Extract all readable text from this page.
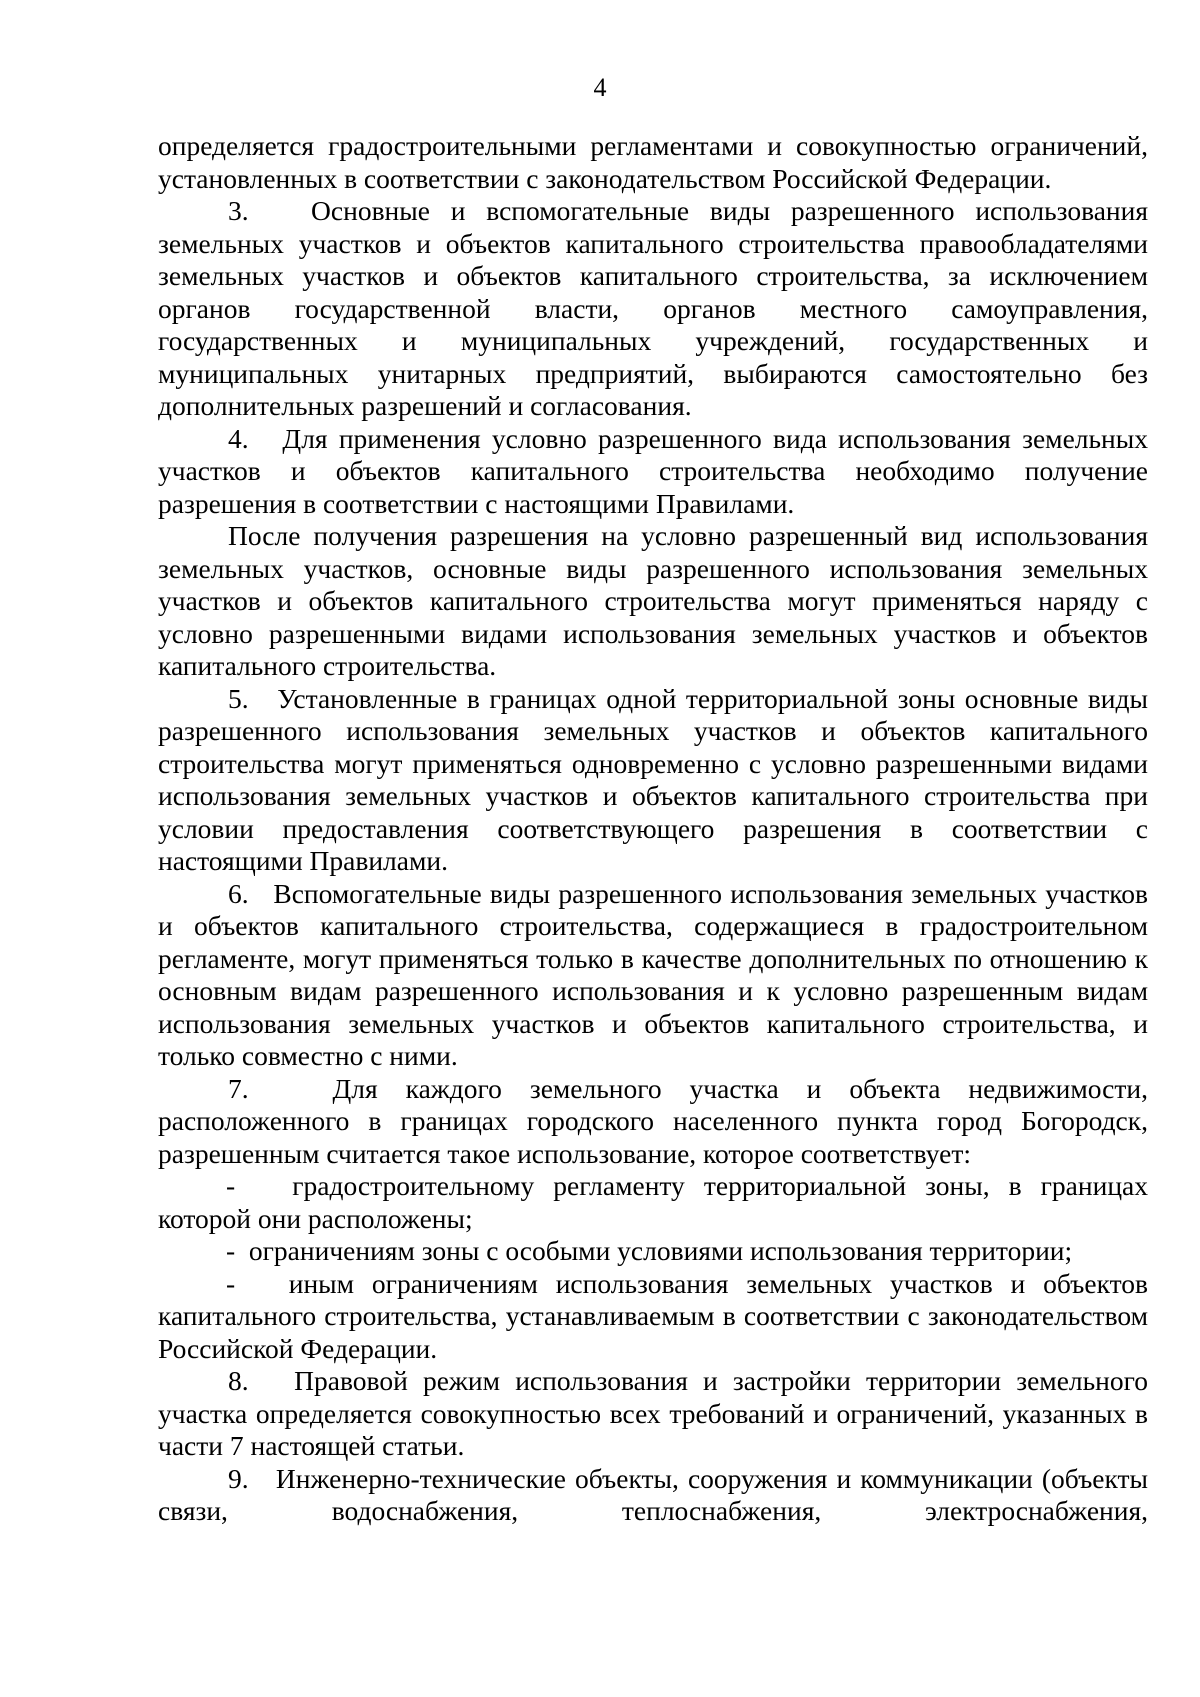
4

определяется градостроительными регламентами и совокупностью ограничений, установленных в соответствии с законодательством Российской Федерации.

3.   Основные и вспомогательные виды разрешенного использования земельных участков и объектов капитального строительства правообладателями земельных участков и объектов капитального строительства, за исключением органов государственной власти, органов местного самоуправления, государственных и муниципальных учреждений, государственных и муниципальных унитарных предприятий, выбираются самостоятельно без дополнительных разрешений и согласования.

4.   Для применения условно разрешенного вида использования земельных участков и объектов капитального строительства необходимо получение разрешения в соответствии с настоящими Правилами.

После получения разрешения на условно разрешенный вид использования земельных участков, основные виды разрешенного использования земельных участков и объектов капитального строительства могут применяться наряду с условно разрешенными видами использования земельных участков и объектов капитального строительства.

5.   Установленные в границах одной территориальной зоны основные виды разрешенного использования земельных участков и объектов капитального строительства могут применяться одновременно с условно разрешенными видами использования земельных участков и объектов капитального строительства при условии предоставления соответствующего разрешения в соответствии с настоящими Правилами.

6.   Вспомогательные виды разрешенного использования земельных участков и объектов капитального строительства, содержащиеся в градостроительном регламенте, могут применяться только в качестве дополнительных по отношению к основным видам разрешенного использования и к условно разрешенным видам использования земельных участков и объектов капитального строительства, и только совместно с ними.

7.   Для каждого земельного участка и объекта недвижимости, расположенного в границах городского населенного пункта город Богородск, разрешенным считается такое использование, которое соответствует:

-   градостроительному регламенту территориальной зоны, в границах которой они расположены;

-  ограничениям зоны с особыми условиями использования территории;

-   иным ограничениям использования земельных участков и объектов капитального строительства, устанавливаемым в соответствии с законодательством Российской Федерации.

8.   Правовой режим использования и застройки территории земельного участка определяется совокупностью всех требований и ограничений, указанных в части 7 настоящей статьи.

9.   Инженерно-технические объекты, сооружения и коммуникации (объекты связи, водоснабжения, теплоснабжения, электроснабжения,
